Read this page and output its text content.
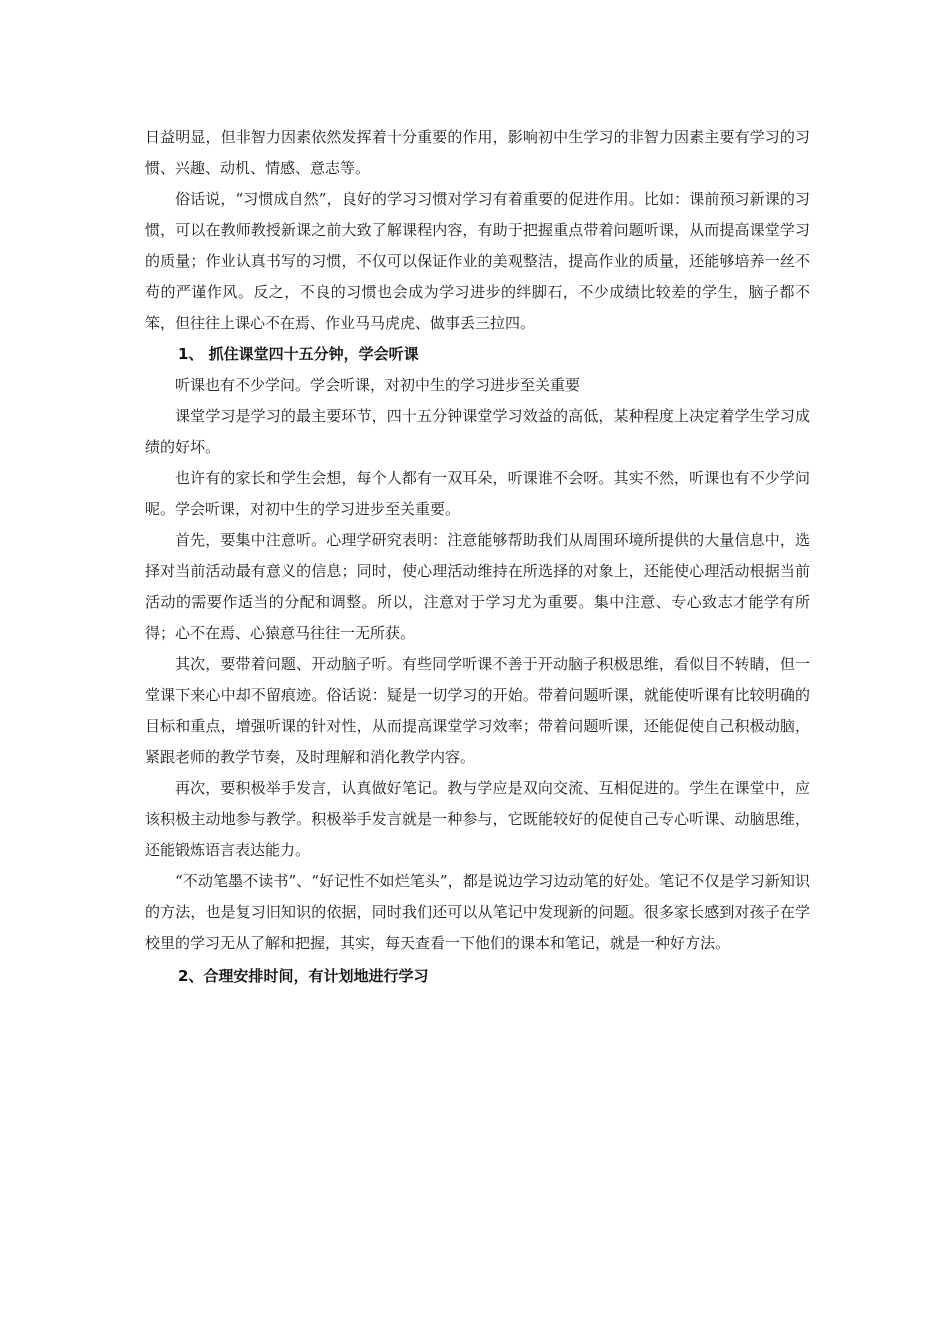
日益明显，但非智力因素依然发挥着十分重要的作用，影响初中生学习的非智力因素主要有学习的习惯、兴趣、动机、情感、意志等。

俗话说，“习惯成自然”，良好的学习习惯对学习有着重要的促进作用。比如：课前预习新课的习惯，可以在教师教授新课之前大致了解课程内容，有助于把握重点带着问题听课，从而提高课堂学习的质量；作业认真书写的习惯，不仅可以保证作业的美观整洁，提高作业的质量，还能够培养一丝不苟的严谨作风。反之，不良的习惯也会成为学习进步的绊脚石，不少成绩比较差的学生，脑子都不笨，但往往上课心不在焉、作业马马虎虎、做事丢三拉四。

1、 抓住课堂四十五分钟，学会听课

听课也有不少学问。学会听课，对初中生的学习进步至关重要

课堂学习是学习的最主要环节，四十五分钟课堂学习效益的高低，某种程度上决定着学生学习成绩的好坏。

也许有的家长和学生会想，每个人都有一双耳朵，听课谁不会呀。其实不然，听课也有不少学问呢。学会听课，对初中生的学习进步至关重要。

首先，要集中注意听。心理学研究表明：注意能够帮助我们从周围环境所提供的大量信息中，选择对当前活动最有意义的信息；同时，使心理活动维持在所选择的对象上，还能使心理活动根据当前活动的需要作适当的分配和调整。所以，注意对于学习尤为重要。集中注意、专心致志才能学有所得；心不在焉、心猿意马往往一无所获。

其次，要带着问题、开动脑子听。有些同学听课不善于开动脑子积极思维，看似目不转睛，但一堂课下来心中却不留痕迹。俗话说：疑是一切学习的开始。带着问题听课，就能使听课有比较明确的目标和重点，增强听课的针对性，从而提高课堂学习效率；带着问题听课，还能促使自己积极动脑，紧跟老师的教学节奏，及时理解和消化教学内容。

再次，要积极举手发言，认真做好笔记。教与学应是双向交流、互相促进的。学生在课堂中，应该积极主动地参与教学。积极举手发言就是一种参与，它既能较好的促使自己专心听课、动脑思维，还能锻炼语言表达能力。

“不动笔墨不读书”、“好记性不如烂笔头”，都是说边学习边动笔的好处。笔记不仅是学习新知识的方法，也是复习旧知识的依据，同时我们还可以从笔记中发现新的问题。很多家长感到对孩子在学校里的学习无从了解和把握，其实，每天查看一下他们的课本和笔记，就是一种好方法。

2、合理安排时间，有计划地进行学习
